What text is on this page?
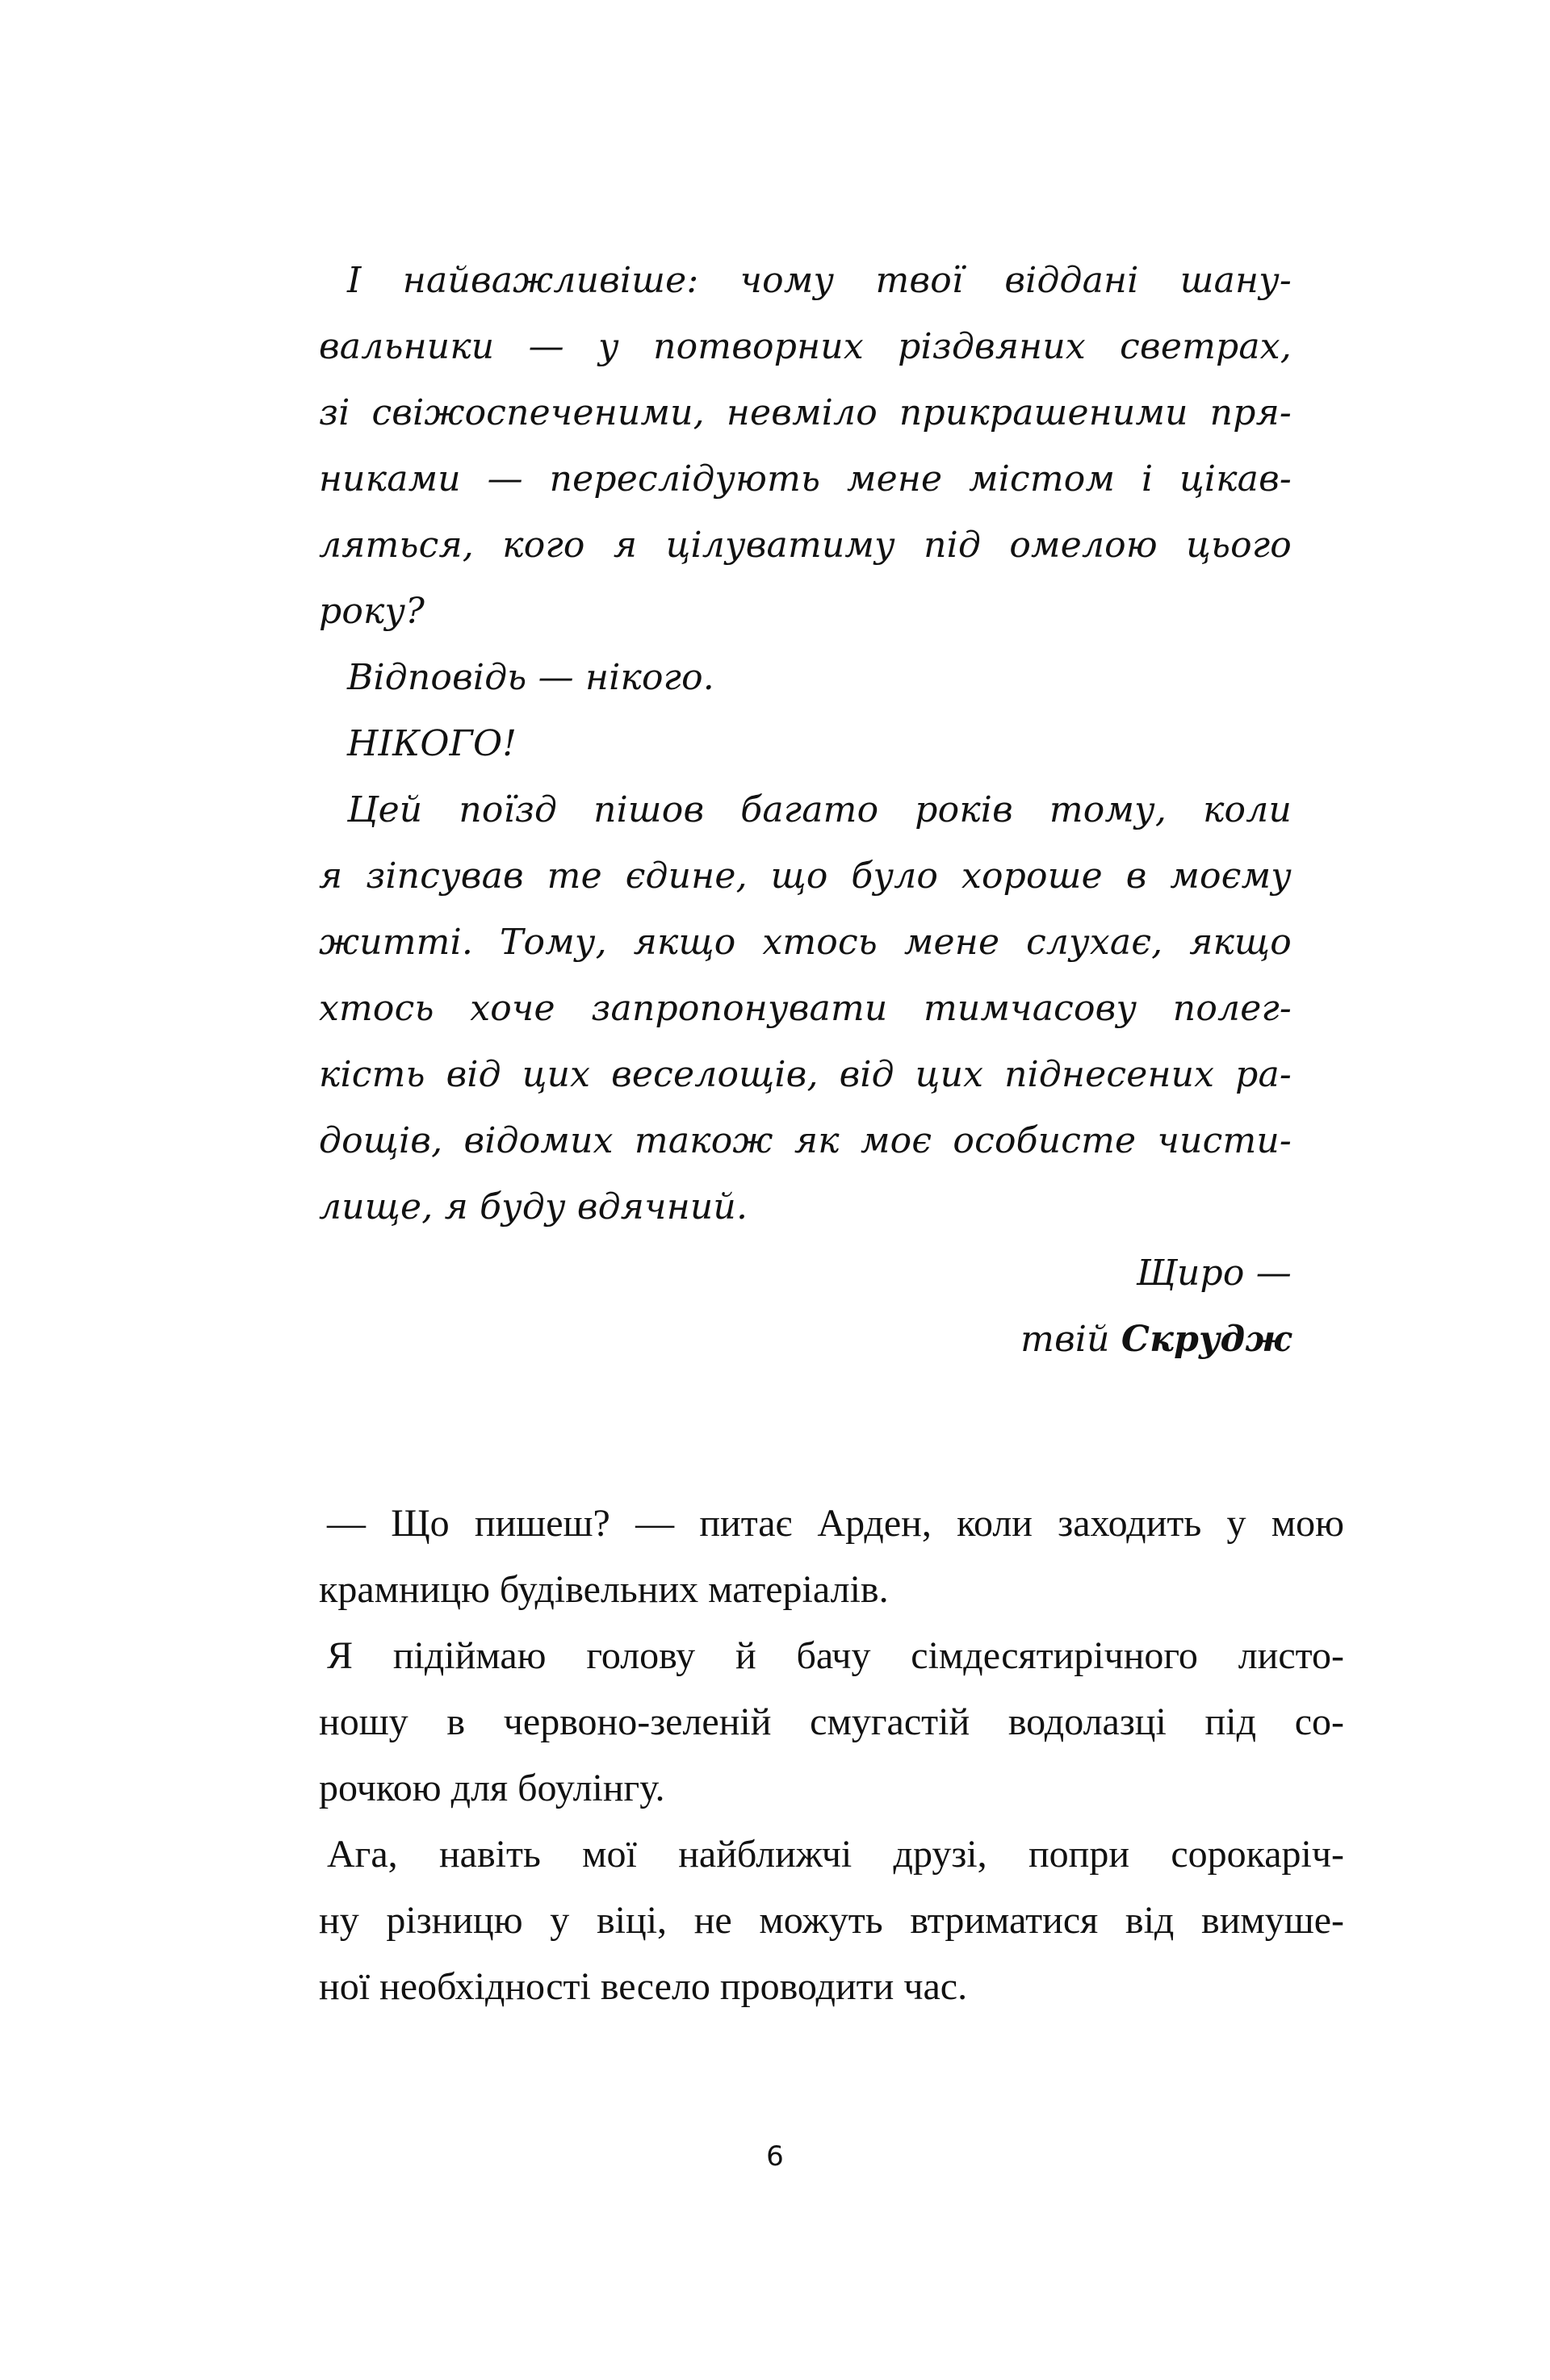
І найважливіше: чому твої віддані шану-
вальники — у потворних різдвяних светрах,
зі свіжоспеченими, невміло прикрашеними пря-
никами — переслідують мене містом і цікав-
ляться, кого я цілуватиму під омелою цього
року?
Відповідь — нікого.
НІКОГО!
Цей поїзд пішов багато років тому, коли
я зіпсував те єдине, що було хороше в моєму
житті. Тому, якщо хтось мене слухає, якщо
хтось хоче запропонувати тимчасову полег-
кість від цих веселощів, від цих піднесених ра-
дощів, відомих також як моє особисте чисти-
лище, я буду вдячний.
Щиро —
твій Скрудж
— Що пишеш? — питає Арден, коли заходить у мою
крамницю будівельних матеріалів.
Я підіймаю голову й бачу сімдесятирічного листо-
ношу в червоно-зеленій смугастій водолазці під со-
рочкою для боулінгу.
Ага, навіть мої найближчі друзі, попри сорокаріч-
ну різницю у віці, не можуть втриматися від вимуше-
ної необхідності весело проводити час.
6
